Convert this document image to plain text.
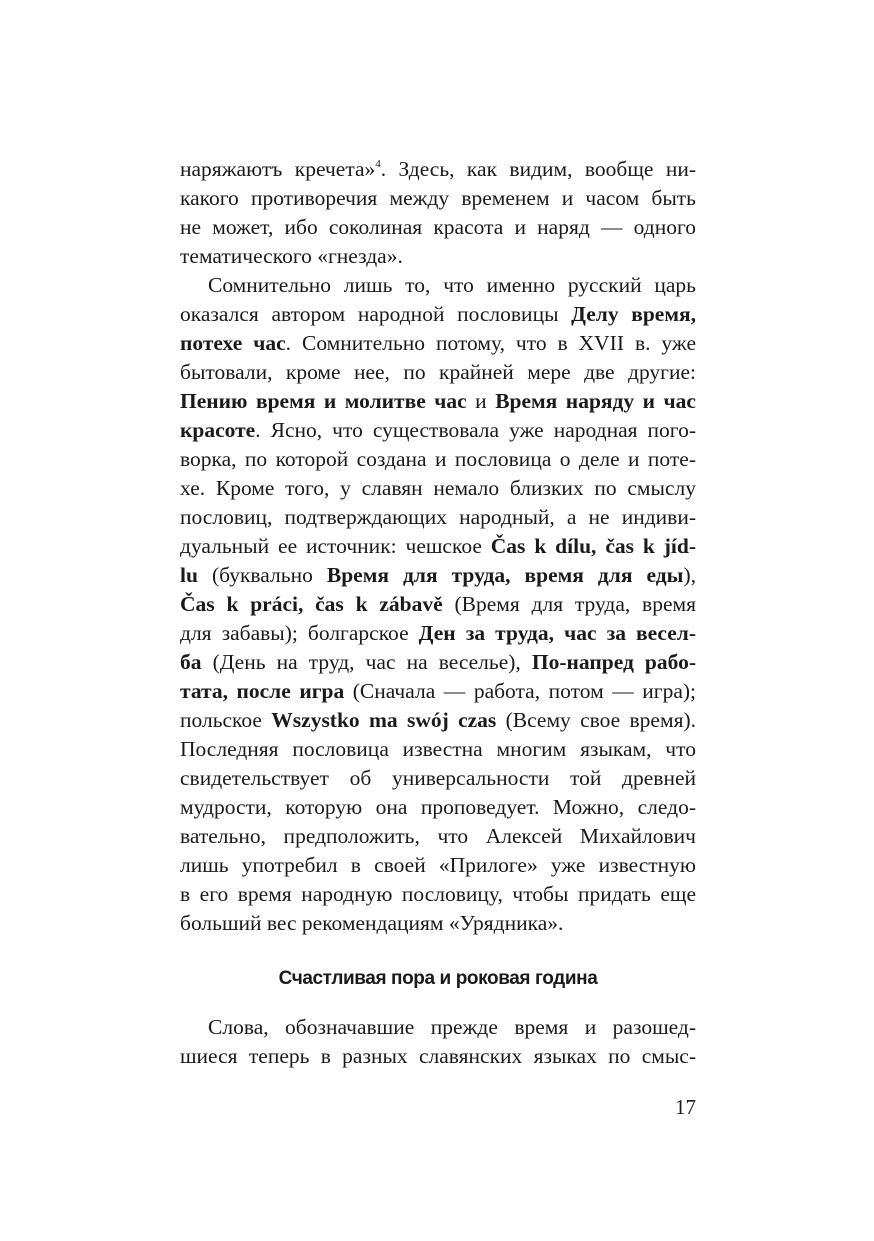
наряжаютъ кречета»$^4$. Здесь, как видим, вообще ни-
какого противоречия между временем и часом быть
не может, ибо соколиная красота и наряд — одного
тематического «гнезда».
Сомнительно лишь то, что именно русский царь
оказался автором народной пословицы Делу время,
потехе час. Сомнительно потому, что в XVII в. уже
бытовали, кроме нее, по крайней мере две другие:
Пению время и молитве час и Время наряду и час
красоте. Ясно, что существовала уже народная пого-
ворка, по которой создана и пословица о деле и поте-
хе. Кроме того, у славян немало близких по смыслу
пословиц, подтверждающих народный, а не индиви-
дуальный ее источник: чешское Čas k dílu, čas k jíd-
lu (буквально Время для труда, время для еды),
Čas k práci, čas k zábavě (Время для труда, время
для забавы); болгарское Ден за труда, час за весел-
ба (День на труд, час на веселье), По-напред рабо-
тата, после игра (Сначала — работа, потом — игра);
польское Wszystko ma swój czas (Всему свое время).
Последняя пословица известна многим языкам, что
свидетельствует об универсальности той древней
мудрости, которую она проповедует. Можно, следо-
вательно, предположить, что Алексей Михайлович
лишь употребил в своей «Прилоге» уже известную
в его время народную пословицу, чтобы придать еще
больший вес рекомендациям «Урядника».
Счастливая пора и роковая година
Слова, обозначавшие прежде время и разошед-
шиеся теперь в разных славянских языках по смыс-
17
